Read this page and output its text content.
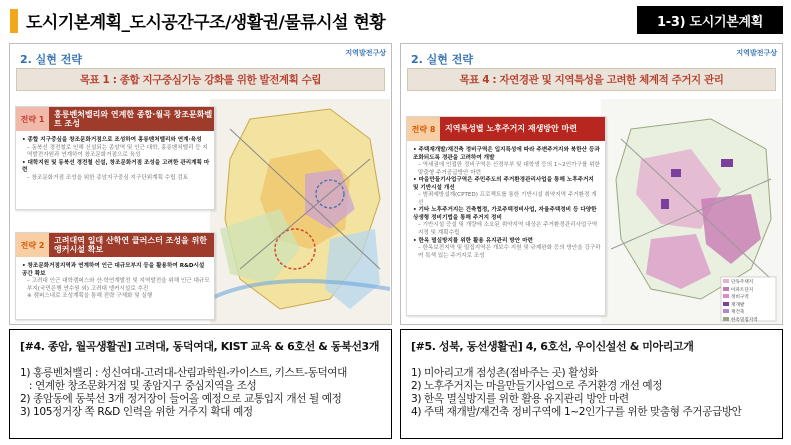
도시기본계획_도시공간구조/생활권/물류시설 현황	1-3) 도시기본계획
2. 실현 전략	지역발전구상
목표 1 : 종합 지구중심기능 강화를 위한 발전계획 수립
전략 1
홍릉벤처밸리와 연계한 종합·월곡 창조문화벨트 조성
• 종합 지구중심을 창조문화거점으로 조성하여 홍릉벤처밸리와 연계·육성
– 동북선 경전철로 인해 신설되는 종암역 및 인근 대학, 홍릉벤처밸리 등 지역발전자원과 연계하여 창조문화거점으로 육성
• 대학지원 및 동북선 경전철 신설, 창조문화거점 조성을 고려한 관리계획 마련
– 창조문화거점 조성을 위한 종암지구중심 지구단위계획 수립 검토
전략 2
고려대역 일대 산학연 클러스터 조성을 위한 앵커시설 확보
• 창조문화거점지역과 연계하여 인근 대규모부지 등을 활용하여 R&D시설 공간 확보
– 고려대 인근 대학캠퍼스와 산·학연계발전 및 지역발전을 위해 인근 대규모부지(국민은행 연수원 외) 고려대 앵커시설로 추진
※ 캠퍼스내로 조성계획을 통해 전략 구체화 및 실행
2. 실현 전략	지역발전구상
목표 4 : 자연경관 및 지역특성을 고려한 체계적 주거지 관리
단독주택지
아파트단지
정비구역
재개발
재건축
한옥밀집지역
전략 8	지역특성별 노후주거지 재생방안 마련
• 주택재개발/재건축 정비구역은 입지특성에 따라 주변주거지와 북한산 등과 조화되도록 경관을 고려하여 개발
– 역세권에 인접한 정비구역은 신경부부 및 대학생 등의 1~2인가구를 위한 맞춤형 주거공급방안 마련
• 마을만들기사업구역은 주민주도의 주거환경관리사업을 통해 노후주거지 및 기반시설 개선
– 범죄예방설계(CPTED) 프로젝트를 통한 기반시설 취약지역 주거환경 개선
• 기타 노후주거지는 건축협정, 가로주택정비사업, 자율주택정비 등 다양한 상생형 정비기법을 통해 주거지 정비
– 기반시설 증설 및 개량에 소요된 취약지역 대상은 주거환경관리사업구역 지정 및 계획수립
• 한옥 멸실방지를 위한 활용 유지관리 방안 마련
– 한옥보전지역 및 밀집지역은 개보수 지원 및 규제완화 등의 방안을 강구하여 특색 있는 주거지로 조성
[#4. 종암, 월곡생활권] 고려대, 동덕여대, KIST 교육 & 6호선 & 동북선3개
1) 홍릉벤처밸리 : 성신여대-고려대-산림과학원-카이스트, 키스트-동덕여대
: 연계한 창조문화거점 및 종암지구 중심지역을 조성
2) 종암동에 동북선 3개 정거장이 들어올 예정으로 교통입지 개선 될 예정
3) 105정거장 쪽 R&D 인력을 위한 거주지 확대 예정
[#5. 성북, 동선생활권] 4, 6호선, 우이신설선 & 미아리고개
1) 미아리고개 점성촌(점바주는 곳) 활성화
2) 노후주거지는 마을만들기사업으로 주거환경 개선 예정
3) 한옥 멸실방지를 위한 활용 유지관리 방안 마련
4) 주택 재개발/재건축 정비구역에 1~2인가구를 위한 맞춤형 주거공급방안
